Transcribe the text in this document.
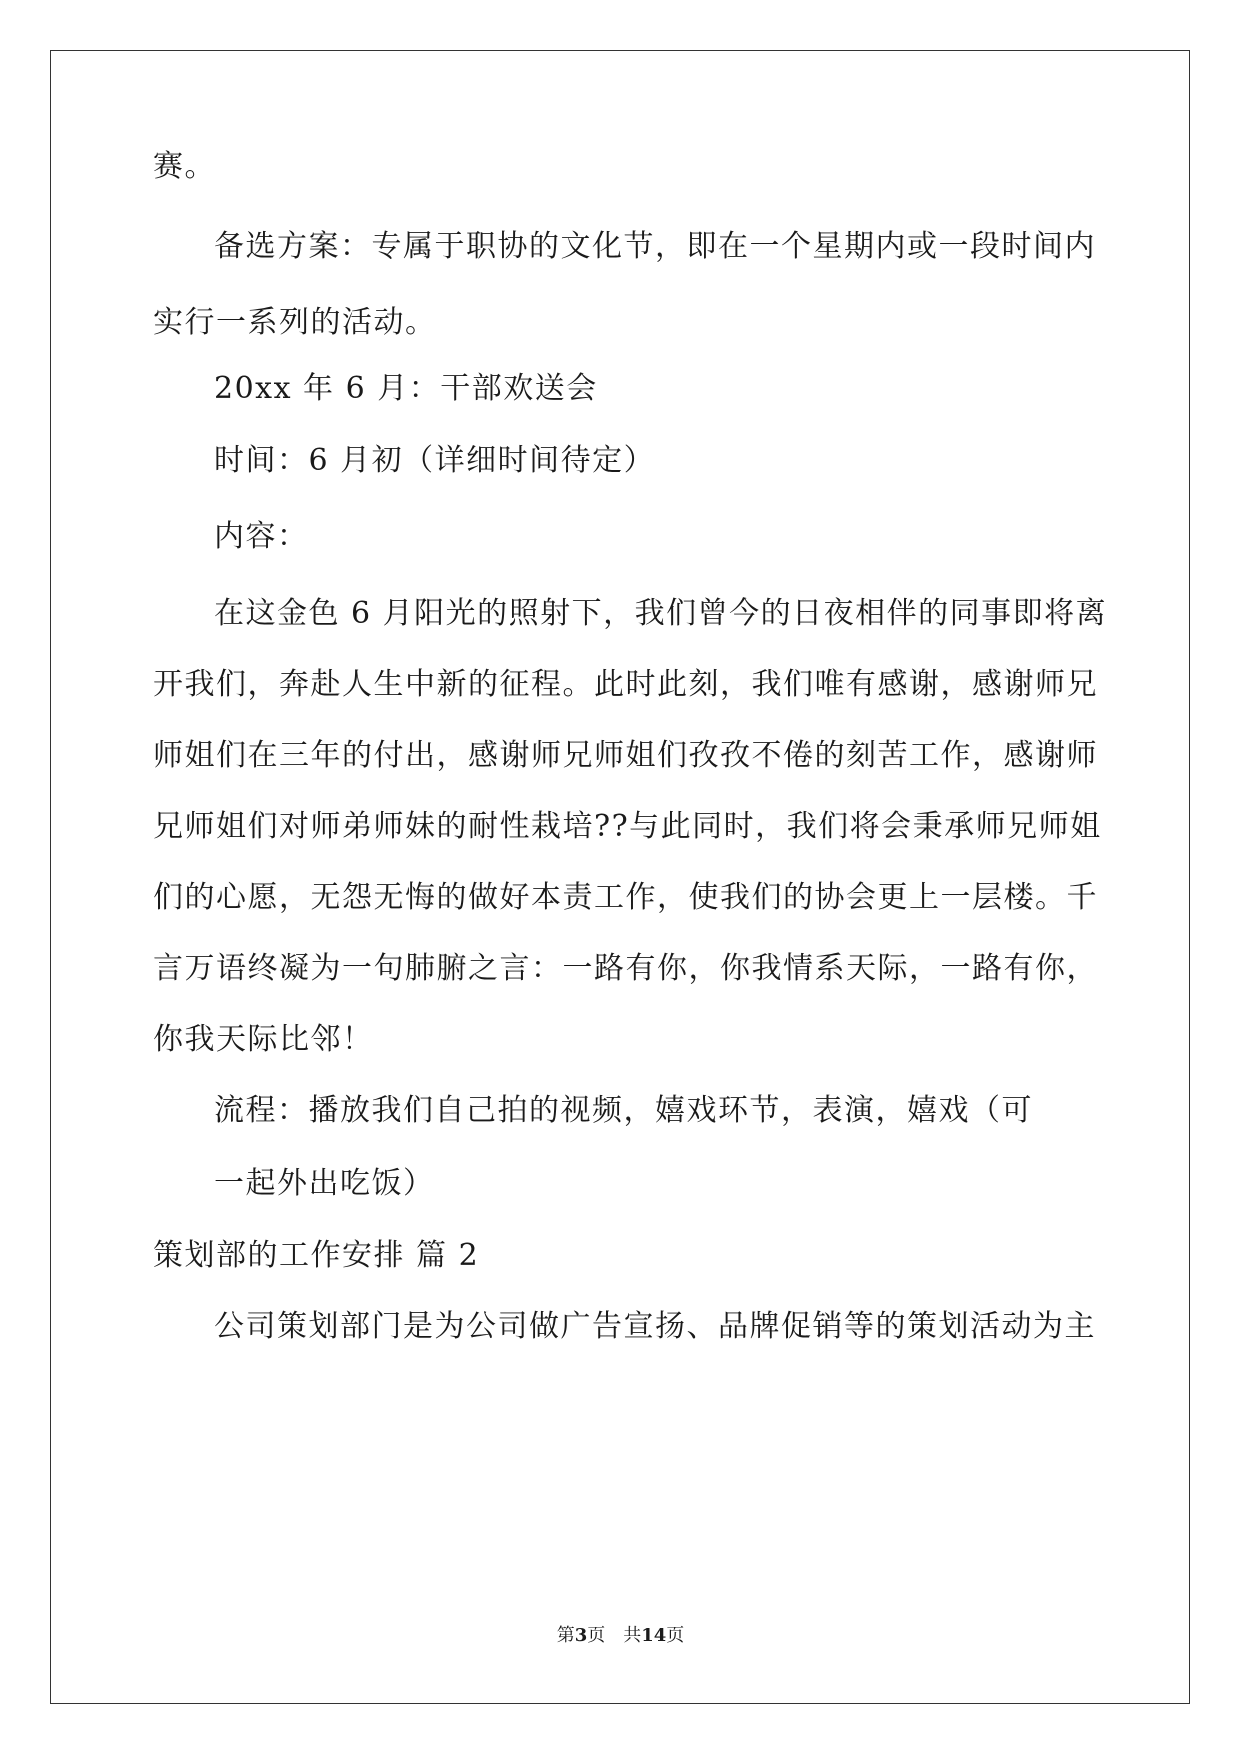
赛。
备选方案：专属于职协的文化节，即在一个星期内或一段时间内
实行一系列的活动。
20xx 年 6 月：干部欢送会
时间：6 月初（详细时间待定）
内容：
在这金色 6 月阳光的照射下，我们曾今的日夜相伴的同事即将离
开我们，奔赴人生中新的征程。此时此刻，我们唯有感谢，感谢师兄
师姐们在三年的付出，感谢师兄师姐们孜孜不倦的刻苦工作，感谢师
兄师姐们对师弟师妹的耐性栽培??与此同时，我们将会秉承师兄师姐
们的心愿，无怨无悔的做好本责工作，使我们的协会更上一层楼。千
言万语终凝为一句肺腑之言：一路有你，你我情系天际，一路有你，
你我天际比邻！
流程：播放我们自己拍的视频，嬉戏环节，表演，嬉戏（可
一起外出吃饭）
策划部的工作安排 篇 2
公司策划部门是为公司做广告宣扬、品牌促销等的策划活动为主
第3页　共14页
